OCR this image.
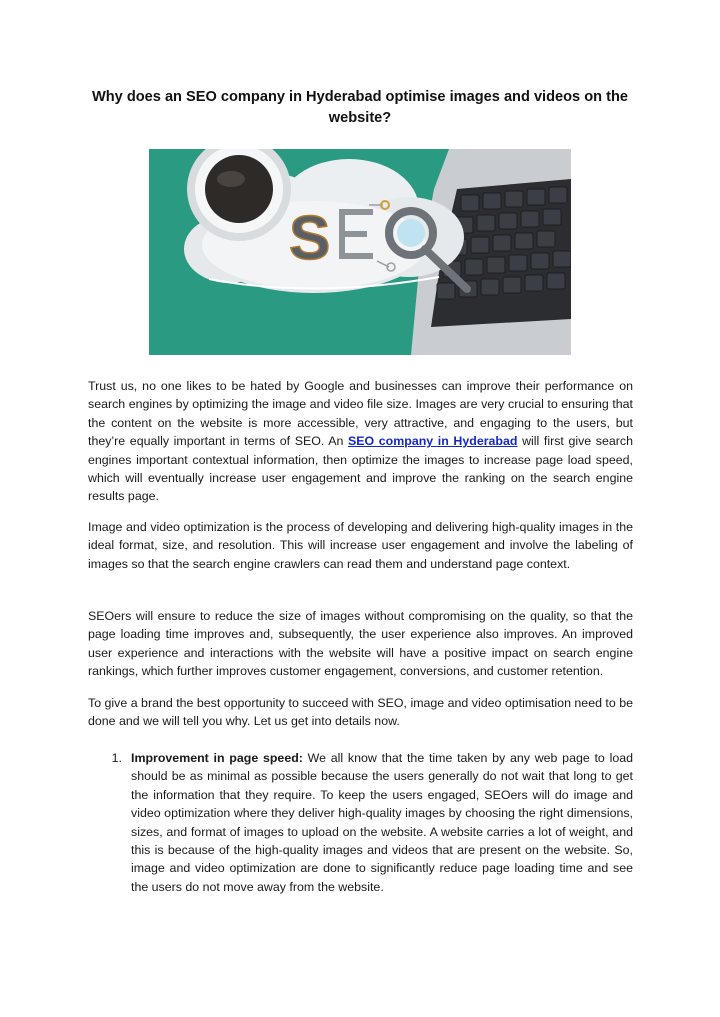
Why does an SEO company in Hyderabad optimise images and videos on the website?
S

Trust us, no one likes to be hated by Google and businesses can improve their performance on search engines by optimizing the image and video file size. Images are very crucial to ensuring that the content on the website is more accessible, very attractive, and engaging to the users, but they’re equally important in terms of SEO. An SEO company in Hyderabad will first give search engines important contextual information, then optimize the images to increase page load speed, which will eventually increase user engagement and improve the ranking on the search engine results page.

Image and video optimization is the process of developing and delivering high-quality images in the ideal format, size, and resolution. This will increase user engagement and involve the labeling of images so that the search engine crawlers can read them and understand page context.

SEOers will ensure to reduce the size of images without compromising on the quality, so that the page loading time improves and, subsequently, the user experience also improves. An improved user experience and interactions with the website will have a positive impact on search engine rankings, which further improves customer engagement, conversions, and customer retention.

To give a brand the best opportunity to succeed with SEO, image and video optimisation need to be done and we will tell you why. Let us get into details now.

1. Improvement in page speed: We all know that the time taken by any web page to load should be as minimal as possible because the users generally do not wait that long to get the information that they require. To keep the users engaged, SEOers will do image and video optimization where they deliver high-quality images by choosing the right dimensions, sizes, and format of images to upload on the website. A website carries a lot of weight, and this is because of the high-quality images and videos that are present on the website. So, image and video optimization are done to significantly reduce page loading time and see the users do not move away from the website.
